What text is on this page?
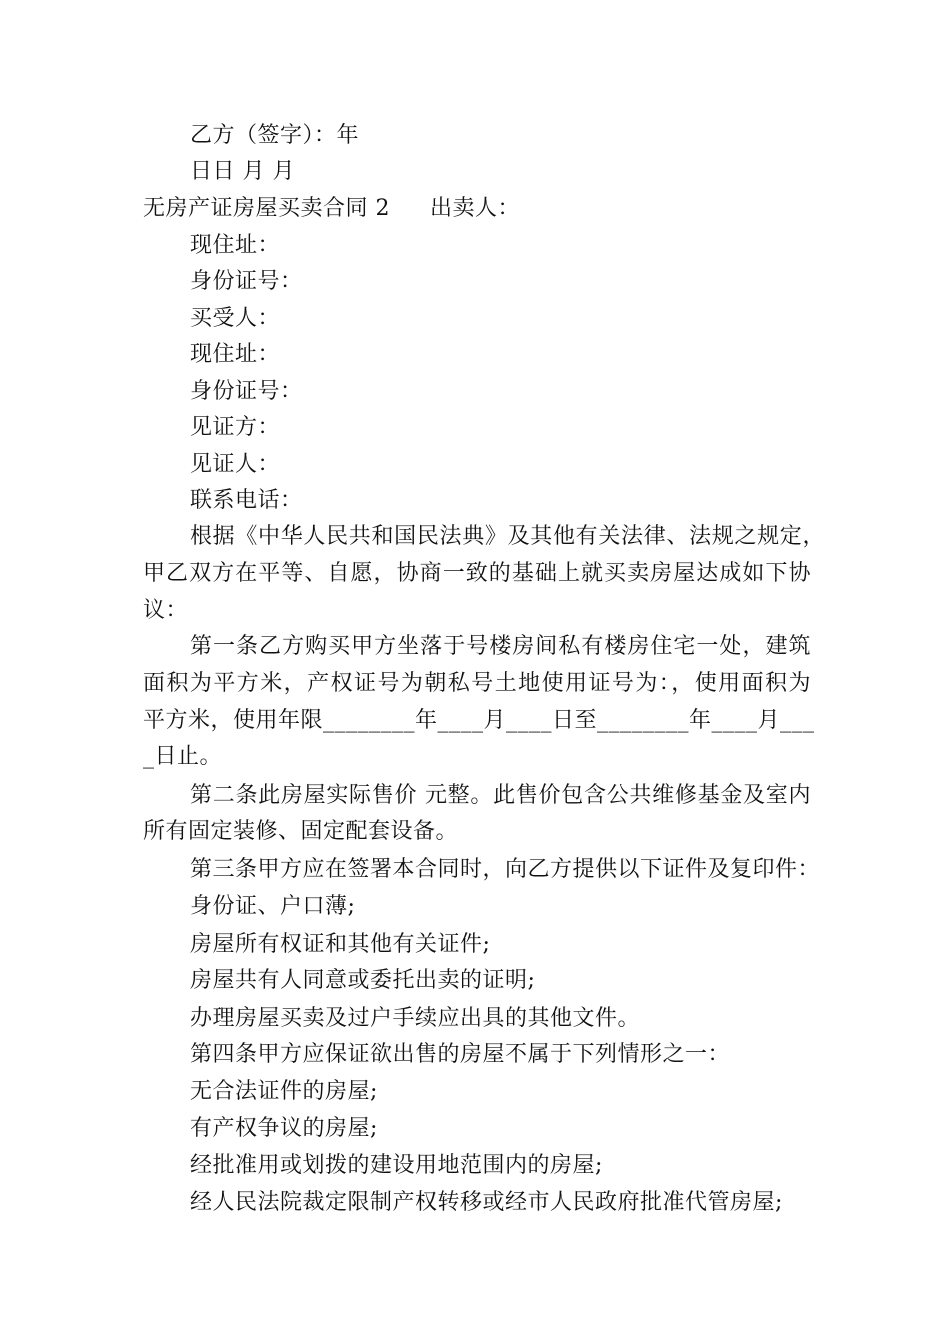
乙方（签字）：年
日日 月 月
无房产证房屋买卖合同 2 出卖人：
现住址：
身份证号：
买受人：
现住址：
身份证号：
见证方：
见证人：
联系电话：
根据《中华人民共和国民法典》及其他有关法律、法规之规定，
甲乙双方在平等、自愿，协商一致的基础上就买卖房屋达成如下协
议：
第一条乙方购买甲方坐落于号楼房间私有楼房住宅一处，建筑
面积为平方米，产权证号为朝私号土地使用证号为：，使用面积为
平方米，使用年限________年____月____日至________年____月___
_日止。
第二条此房屋实际售价 元整。此售价包含公共维修基金及室内
所有固定装修、固定配套设备。
第三条甲方应在签署本合同时，向乙方提供以下证件及复印件：
身份证、户口薄;
房屋所有权证和其他有关证件;
房屋共有人同意或委托出卖的证明;
办理房屋买卖及过户手续应出具的其他文件。
第四条甲方应保证欲出售的房屋不属于下列情形之一：
无合法证件的房屋;
有产权争议的房屋;
经批准用或划拨的建设用地范围内的房屋;
经人民法院裁定限制产权转移或经市人民政府批准代管房屋;
